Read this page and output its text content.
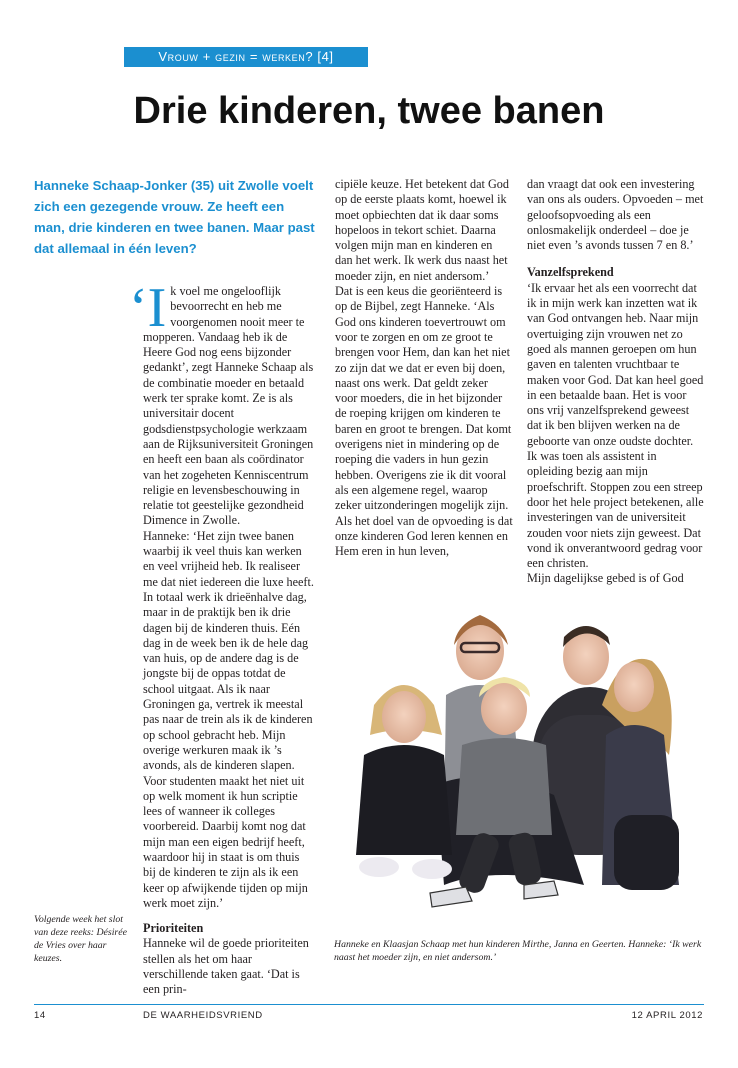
Vrouw + gezin = werken? [4]
Drie kinderen, twee banen

Hanneke Schaap-Jonker (35) uit Zwolle voelt zich een gezegende vrouw. Ze heeft een man, drie kinderen en twee banen. Maar past dat allemaal in één leven?

‘I k voel me ongelooflijk bevoorrecht en heb me voorgenomen nooit meer te mopperen. Vandaag heb ik de Heere God nog eens bijzonder gedankt’, zegt Hanneke Schaap als de combinatie moeder en betaald werk ter sprake komt. Ze is als universitair docent godsdienstpsychologie werkzaam aan de Rijksuniversiteit Groningen en heeft een baan als coördinator van het zogeheten Kenniscentrum religie en levensbeschouwing in relatie tot geestelijke gezondheid Dimence in Zwolle.

Hanneke: ‘Het zijn twee banen waarbij ik veel thuis kan werken en veel vrijheid heb. Ik realiseer me dat niet iedereen die luxe heeft. In totaal werk ik drieënhalve dag, maar in de praktijk ben ik drie dagen bij de kinderen thuis. Eén dag in de week ben ik de hele dag van huis, op de andere dag is de jongste bij de oppas totdat de school uitgaat. Als ik naar Groningen ga, vertrek ik meestal pas naar de trein als ik de kinderen op school gebracht heb. Mijn overige werkuren maak ik ’s avonds, als de kinderen slapen. Voor studenten maakt het niet uit op welk moment ik hun scriptie lees of wanneer ik colleges voorbereid. Daarbij komt nog dat mijn man een eigen bedrijf heeft, waardoor hij in staat is om thuis bij de kinderen te zijn als ik een keer op afwijkende tijden op mijn werk moet zijn.’

Prioriteiten

Hanneke wil de goede prioriteiten stellen als het om haar verschillende taken gaat. ‘Dat is een prin-

cipiële keuze. Het betekent dat God op de eerste plaats komt, hoewel ik moet opbiechten dat ik daar soms hopeloos in tekort schiet. Daarna volgen mijn man en kinderen en dan het werk. Ik werk dus naast het moeder zijn, en niet andersom.’

Dat is een keus die georiënteerd is op de Bijbel, zegt Hanneke. ‘Als God ons kinderen toevertrouwt om voor te zorgen en om ze groot te brengen voor Hem, dan kan het niet zo zijn dat we dat er even bij doen, naast ons werk. Dat geldt zeker voor moeders, die in het bijzonder de roeping krijgen om kinderen te baren en groot te brengen. Dat komt overigens niet in mindering op de roeping die vaders in hun gezin hebben. Overigens zie ik dit vooral als een algemene regel, waarop zeker uitzonderingen mogelijk zijn.

Als het doel van de opvoeding is dat onze kinderen God leren kennen en Hem eren in hun leven,

dan vraagt dat ook een investering van ons als ouders. Opvoeden – met geloofsopvoeding als een onlosmakelijk onderdeel – doe je niet even ’s avonds tussen 7 en 8.’

Vanzelfsprekend

‘Ik ervaar het als een voorrecht dat ik in mijn werk kan inzetten wat ik van God ontvangen heb. Naar mijn overtuiging zijn vrouwen net zo goed als mannen geroepen om hun gaven en talenten vruchtbaar te maken voor God. Dat kan heel goed in een betaalde baan. Het is voor ons vrij vanzelfsprekend geweest dat ik ben blijven werken na de geboorte van onze oudste dochter. Ik was toen als assistent in opleiding bezig aan mijn proefschrift. Stoppen zou een streep door het hele project betekenen, alle investeringen van de universiteit zouden voor niets zijn geweest. Dat vond ik onverantwoord gedrag voor een christen.

Mijn dagelijkse gebed is of God

Volgende week het slot van deze reeks: Désirée de Vries over haar keuzes.

Hanneke en Klaasjan Schaap met hun kinderen Mirthe, Janna en Geerten. Hanneke: ‘Ik werk naast het moeder zijn, en niet andersom.’

14	DE WAARHEIDSVRIEND	12 APRIL 2012
